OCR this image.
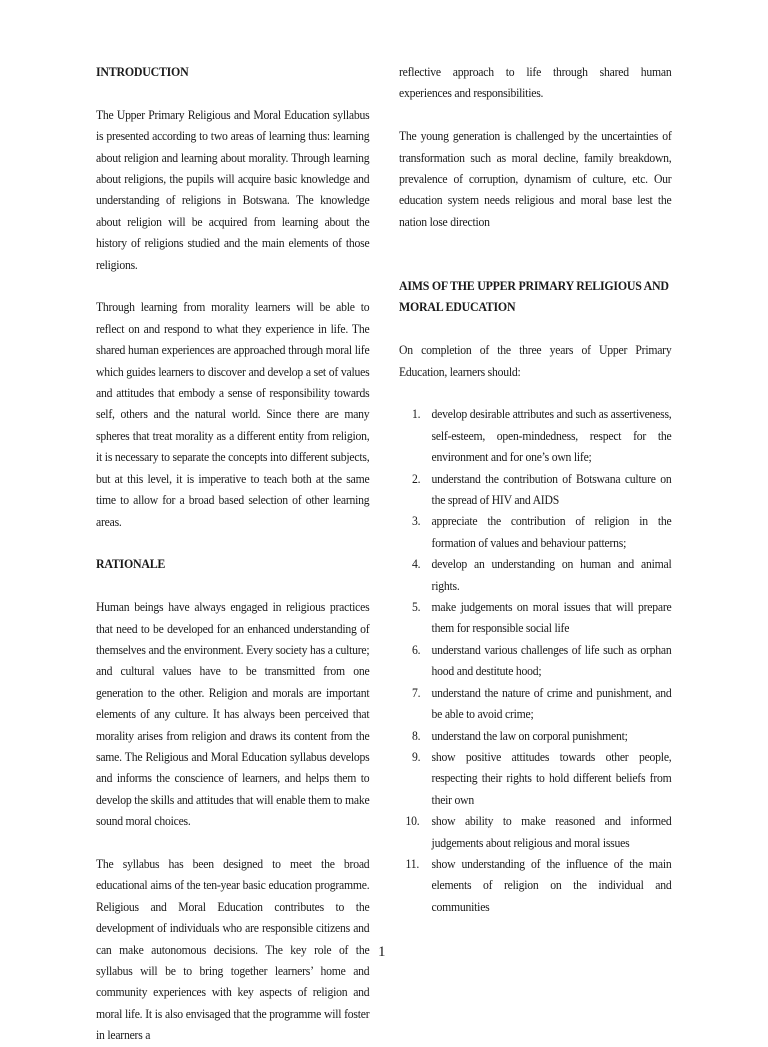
INTRODUCTION

The Upper Primary Religious and Moral Education syllabus is presented according to two areas of learning thus: learning about religion and learning about morality. Through learning about religions, the pupils will acquire basic knowledge and understanding of religions in Botswana. The knowledge about religion will be acquired from learning about the history of religions studied and the main elements of those religions.

Through learning from morality learners will be able to reflect on and respond to what they experience in life. The shared human experiences are approached through moral life which guides learners to discover and develop a set of values and attitudes that embody a sense of responsibility towards self, others and the natural world. Since there are many spheres that treat morality as a different entity from religion, it is necessary to separate the concepts into different subjects, but at this level, it is imperative to teach both at the same time to allow for a broad based selection of other learning areas.

RATIONALE

Human beings have always engaged in religious practices that need to be developed for an enhanced understanding of themselves and the environment. Every society has a culture; and cultural values have to be transmitted from one generation to the other. Religion and morals are important elements of any culture. It has always been perceived that morality arises from religion and draws its content from the same. The Religious and Moral Education syllabus develops and informs the conscience of learners, and helps them to develop the skills and attitudes that will enable them to make sound moral choices.

The syllabus has been designed to meet the broad educational aims of the ten-year basic education programme. Religious and Moral Education contributes to the development of individuals who are responsible citizens and can make autonomous decisions. The key role of the syllabus will be to bring together learners’ home and community experiences with key aspects of religion and moral life. It is also envisaged that the programme will foster in learners a

reflective approach to life through shared human experiences and responsibilities.

The young generation is challenged by the uncertainties of transformation such as moral decline, family breakdown, prevalence of corruption, dynamism of culture, etc. Our education system needs religious and moral base lest the nation lose direction

AIMS OF THE UPPER PRIMARY RELIGIOUS AND MORAL EDUCATION

On completion of the three years of Upper Primary Education, learners should:

1. develop desirable attributes and such as assertiveness, self-esteem, open-mindedness, respect for the environment and for one’s own life;
2. understand the contribution of Botswana culture on the spread of HIV and AIDS
3. appreciate the contribution of religion in the formation of values and behaviour patterns;
4. develop an understanding on human and animal rights.
5. make judgements on moral issues that will prepare them for responsible social life
6. understand various challenges of life such as orphan hood and destitute hood;
7. understand the nature of crime and punishment, and be able to avoid crime;
8. understand the law on corporal punishment;
9. show positive attitudes towards other people, respecting their rights to hold different beliefs from their own
10. show ability to make reasoned and informed judgements about religious and moral issues
11. show understanding of the influence of the main elements of religion on the individual and communities
1
